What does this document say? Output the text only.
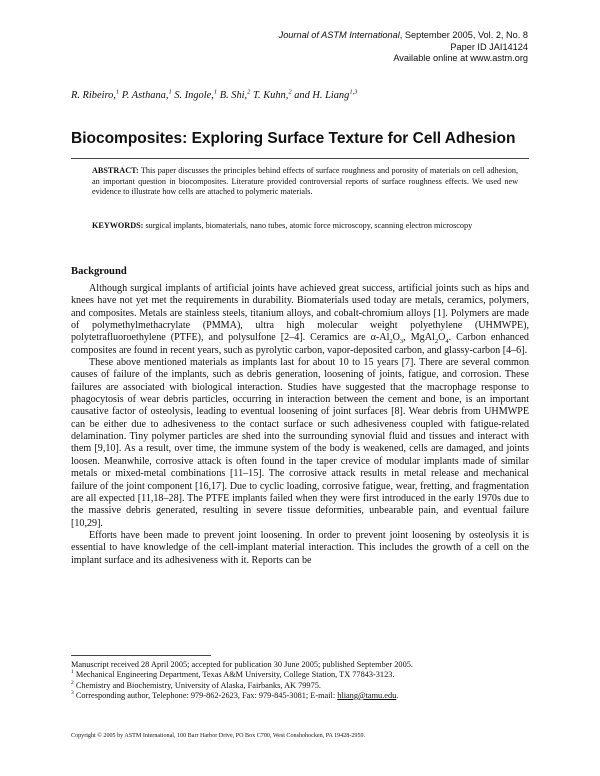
Journal of ASTM International, September 2005, Vol. 2, No. 8
Paper ID JAI14124
Available online at www.astm.org
R. Ribeiro,$^1$ P. Asthana,$^1$ S. Ingole,$^1$ B. Shi,$^2$ T. Kuhn,$^2$ and H. Liang$^{1,3}$
Biocomposites: Exploring Surface Texture for Cell Adhesion
ABSTRACT: This paper discusses the principles behind effects of surface roughness and porosity of materials on cell adhesion, an important question in biocomposites. Literature provided controversial reports of surface roughness effects. We used new evidence to illustrate how cells are attached to polymeric materials.
KEYWORDS: surgical implants, biomaterials, nano tubes, atomic force microscopy, scanning electron microscopy
Background

Although surgical implants of artificial joints have achieved great success, artificial joints such as hips and knees have not yet met the requirements in durability. Biomaterials used today are metals, ceramics, polymers, and composites. Metals are stainless steels, titanium alloys, and cobalt-chromium alloys [1]. Polymers are made of polymethylmethacrylate (PMMA), ultra high molecular weight polyethylene (UHMWPE), polytetrafluoroethylene (PTFE), and polysulfone [2–4]. Ceramics are $\alpha-Al_2O_3$, $MgAl_2O_4$. Carbon enhanced composites are found in recent years, such as pyrolytic carbon, vapor-deposited carbon, and glassy-carbon [4–6].

These above mentioned materials as implants last for about 10 to 15 years [7]. There are several common causes of failure of the implants, such as debris generation, loosening of joints, fatigue, and corrosion. These failures are associated with biological interaction. Studies have suggested that the macrophage response to phagocytosis of wear debris particles, occurring in interaction between the cement and bone, is an important causative factor of osteolysis, leading to eventual loosening of joint surfaces [8]. Wear debris from UHMWPE can be either due to adhesiveness to the contact surface or such adhesiveness coupled with fatigue-related delamination. Tiny polymer particles are shed into the surrounding synovial fluid and tissues and interact with them [9,10]. As a result, over time, the immune system of the body is weakened, cells are damaged, and joints loosen. Meanwhile, corrosive attack is often found in the taper crevice of modular implants made of similar metals or mixed-metal combinations [11–15]. The corrosive attack results in metal release and mechanical failure of the joint component [16,17]. Due to cyclic loading, corrosive fatigue, wear, fretting, and fragmentation are all expected [11,18–28]. The PTFE implants failed when they were first introduced in the early 1970s due to the massive debris generated, resulting in severe tissue deformities, unbearable pain, and eventual failure [10,29].

Efforts have been made to prevent joint loosening. In order to prevent joint loosening by osteolysis it is essential to have knowledge of the cell-implant material interaction. This includes the growth of a cell on the implant surface and its adhesiveness with it. Reports can be

Manuscript received 28 April 2005; accepted for publication 30 June 2005; published September 2005.
$^1$ Mechanical Engineering Department, Texas A&M University, College Station, TX 77843-3123.
$^2$ Chemistry and Biochemistry, University of Alaska, Fairbanks, AK 79975.
$^3$ Corresponding author, Telephone: 979-862-2623, Fax: 979-845-3081; E-mail: hliang@tamu.edu.
Copyright © 2005 by ASTM International, 100 Barr Harbor Drive, PO Box C700, West Conshohocken, PA 19428-2959.
